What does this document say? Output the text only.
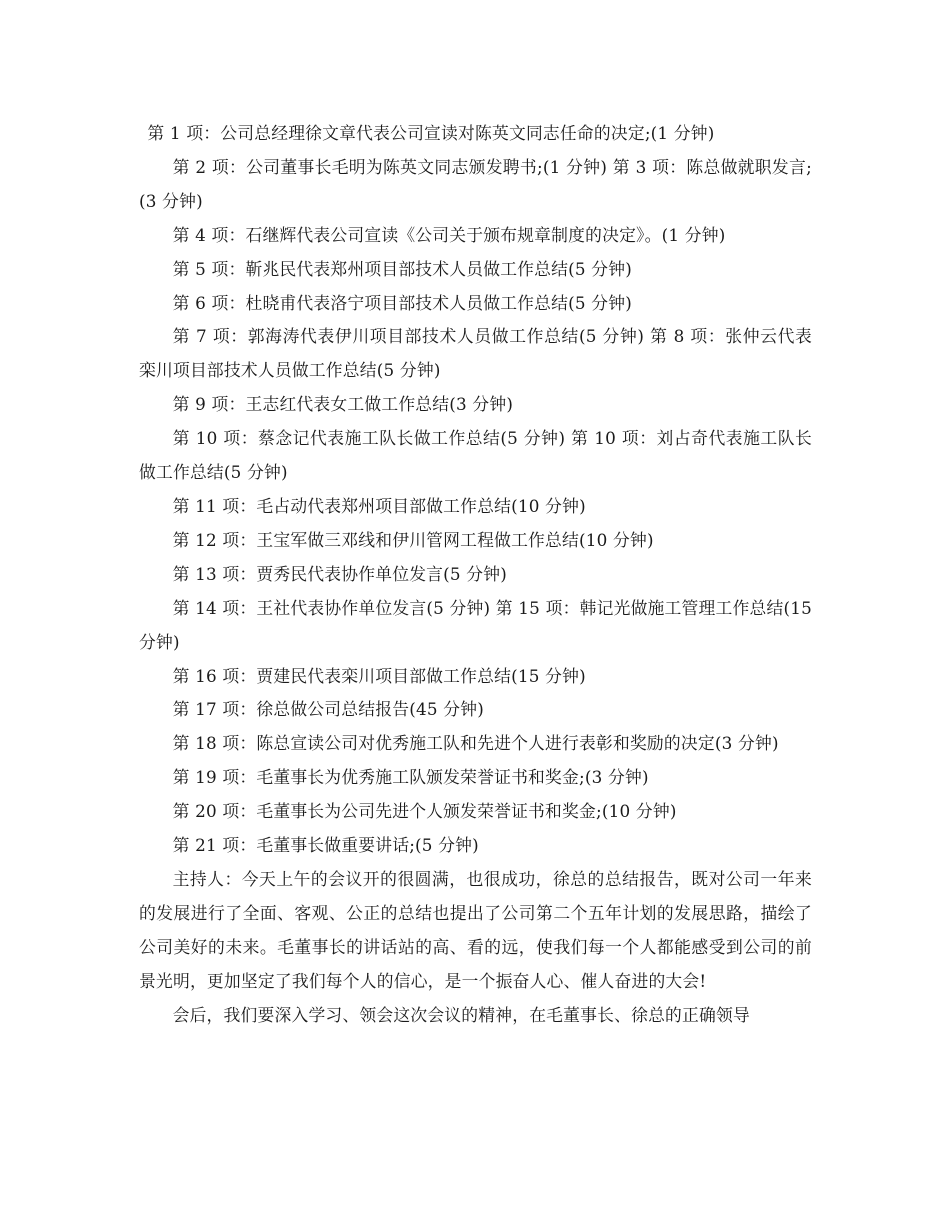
第 1 项：公司总经理徐文章代表公司宣读对陈英文同志任命的决定;(1 分钟)

第 2 项：公司董事长毛明为陈英文同志颁发聘书;(1 分钟) 第 3 项：陈总做就职发言;(3 分钟)

第 4 项：石继辉代表公司宣读《公司关于颁布规章制度的决定》。(1 分钟)

第 5 项：靳兆民代表郑州项目部技术人员做工作总结(5 分钟)

第 6 项：杜晓甫代表洛宁项目部技术人员做工作总结(5 分钟)

第 7 项：郭海涛代表伊川项目部技术人员做工作总结(5 分钟) 第 8 项：张仲云代表栾川项目部技术人员做工作总结(5 分钟)

第 9 项：王志红代表女工做工作总结(3 分钟)

第 10 项：蔡念记代表施工队长做工作总结(5 分钟) 第 10 项：刘占奇代表施工队长做工作总结(5 分钟)

第 11 项：毛占动代表郑州项目部做工作总结(10 分钟)

第 12 项：王宝军做三邓线和伊川管网工程做工作总结(10 分钟)

第 13 项：贾秀民代表协作单位发言(5 分钟)

第 14 项：王社代表协作单位发言(5 分钟) 第 15 项：韩记光做施工管理工作总结(15 分钟)

第 16 项：贾建民代表栾川项目部做工作总结(15 分钟)

第 17 项：徐总做公司总结报告(45 分钟)

第 18 项：陈总宣读公司对优秀施工队和先进个人进行表彰和奖励的决定(3 分钟)

第 19 项：毛董事长为优秀施工队颁发荣誉证书和奖金;(3 分钟)

第 20 项：毛董事长为公司先进个人颁发荣誉证书和奖金;(10 分钟)

第 21 项：毛董事长做重要讲话;(5 分钟)

主持人：今天上午的会议开的很圆满，也很成功，徐总的总结报告，既对公司一年来的发展进行了全面、客观、公正的总结也提出了公司第二个五年计划的发展思路，描绘了公司美好的未来。毛董事长的讲话站的高、看的远，使我们每一个人都能感受到公司的前景光明，更加坚定了我们每个人的信心，是一个振奋人心、催人奋进的大会!

会后，我们要深入学习、领会这次会议的精神，在毛董事长、徐总的正确领导
